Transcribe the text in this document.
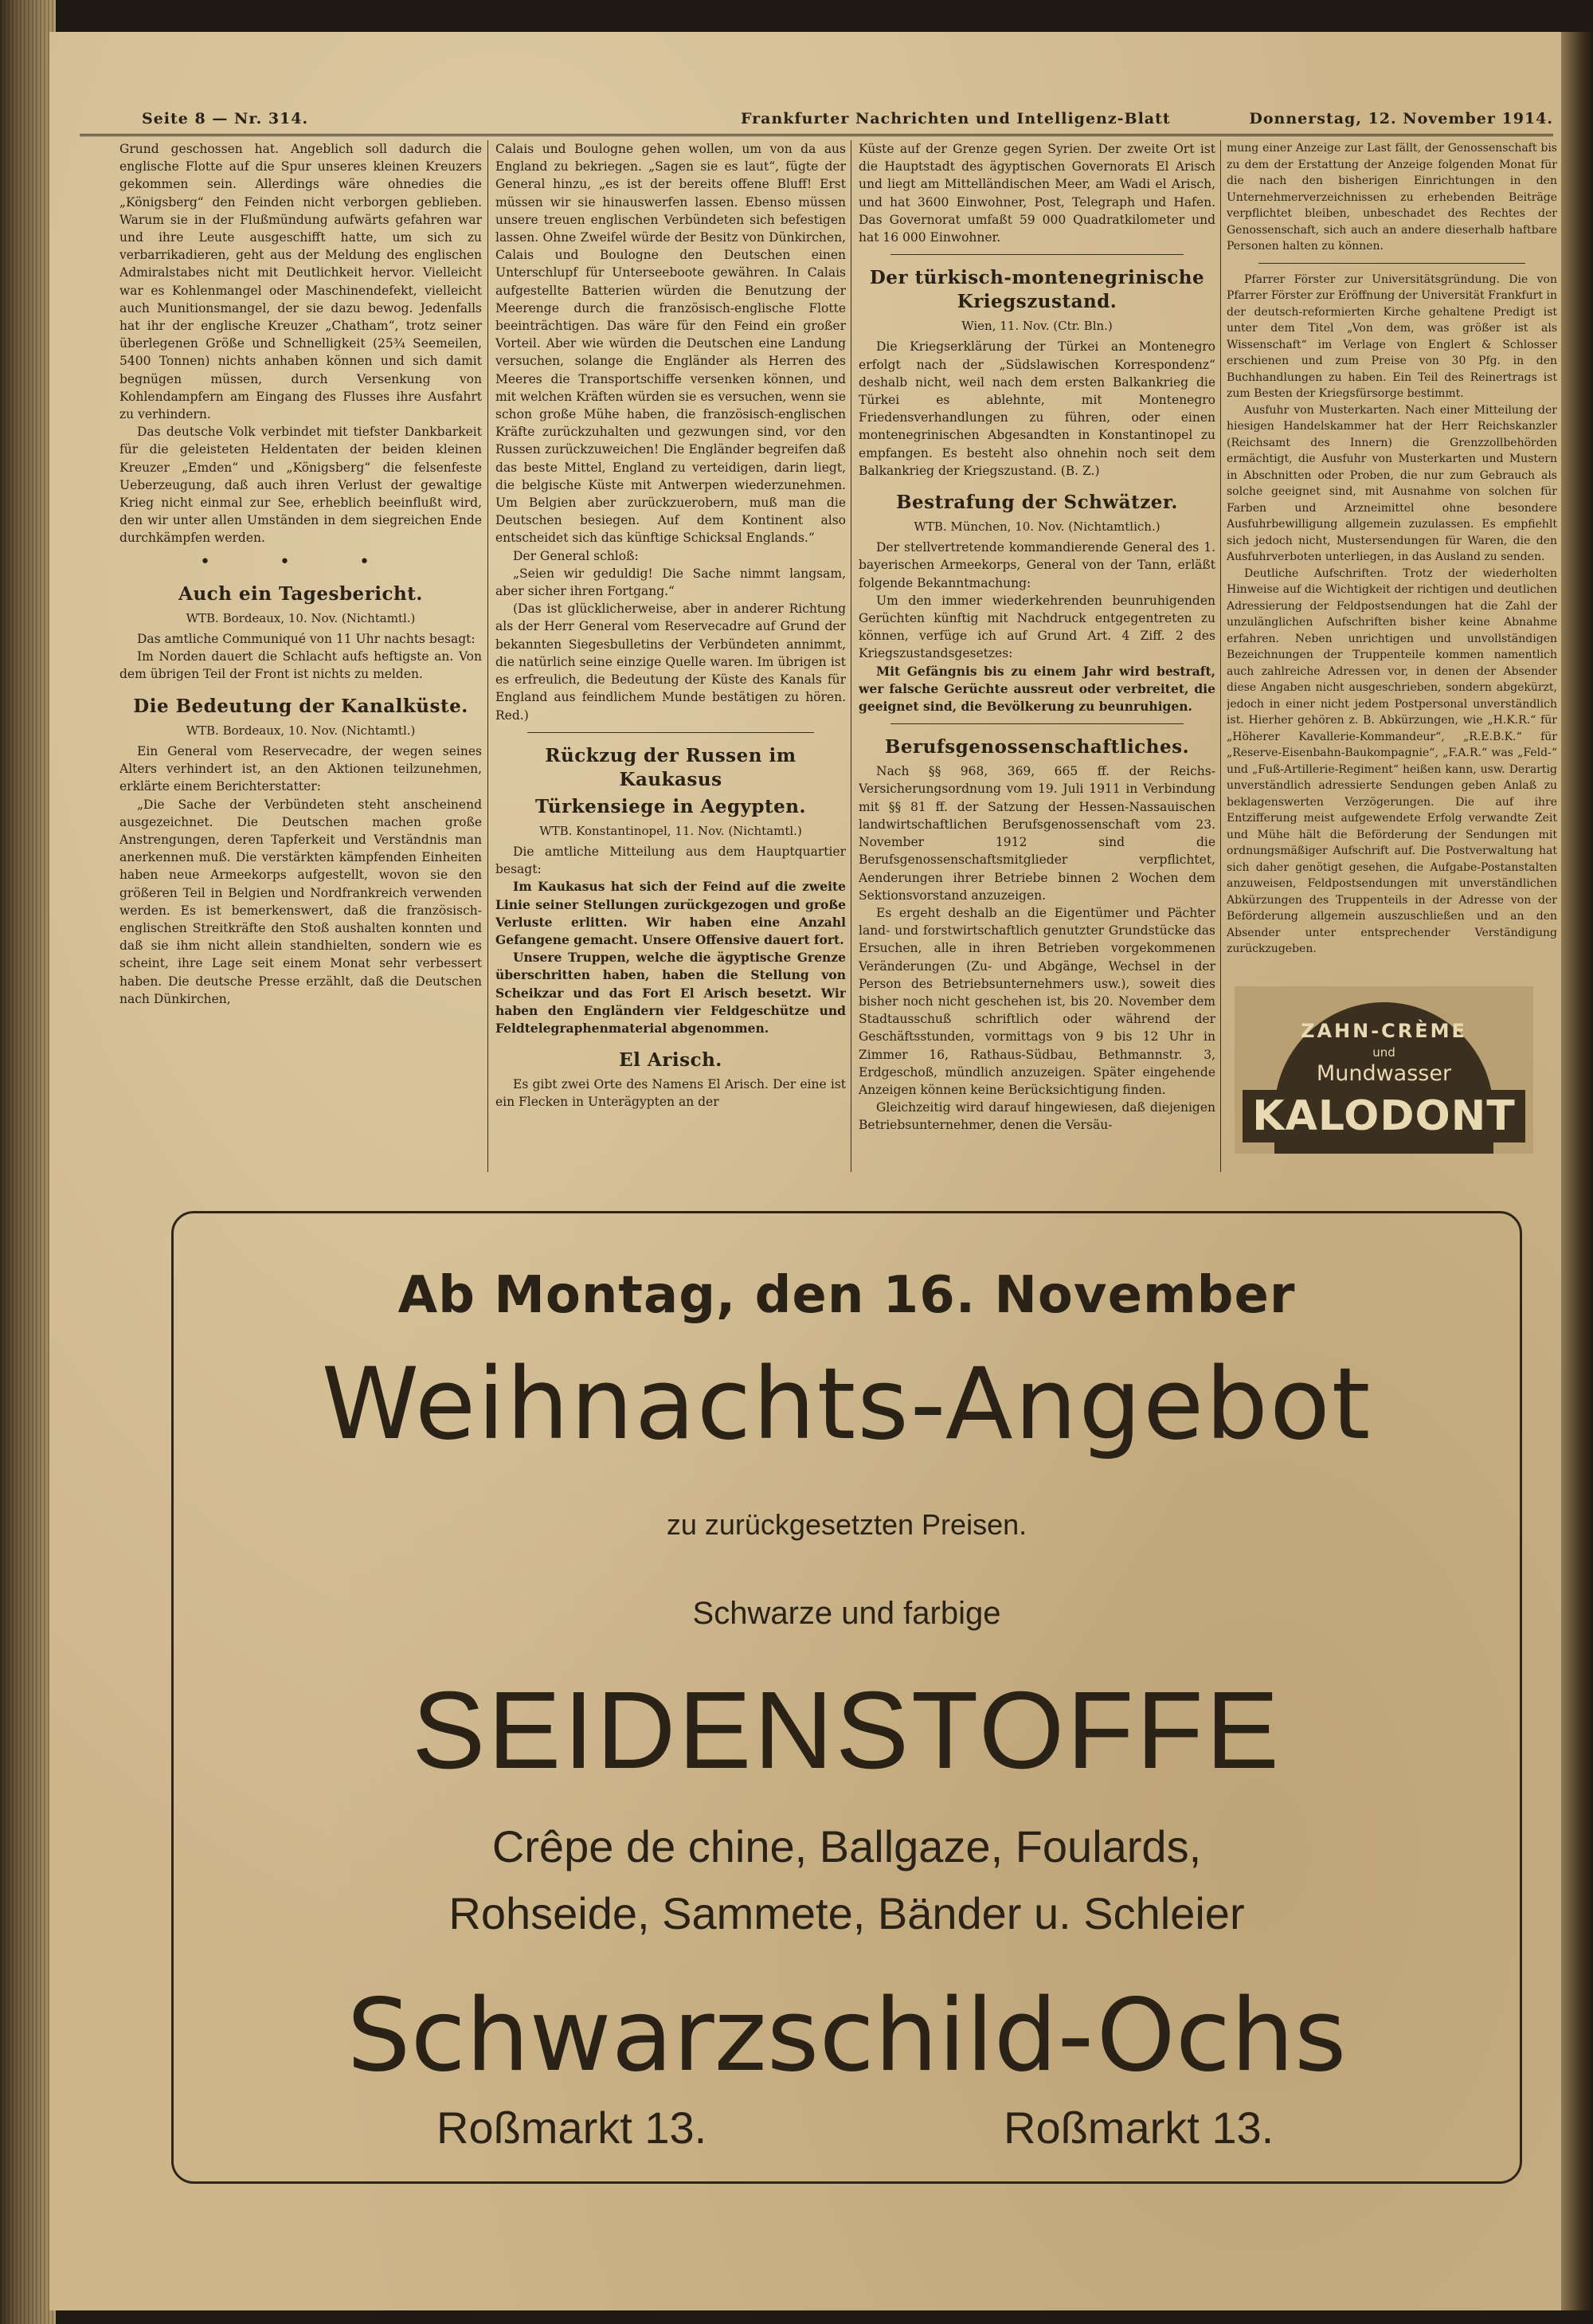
Seite 8 — Nr. 314.	Frankfurter Nachrichten und Intelligenz-Blatt	Donnerstag, 12. November 1914.

Grund geschossen hat. Angeblich soll dadurch die englische Flotte auf die Spur unseres kleinen Kreuzers gekommen sein. Allerdings wäre ohnedies die „Königsberg“ den Feinden nicht verborgen geblieben. Warum sie in der Flußmündung aufwärts gefahren war und ihre Leute ausgeschifft hatte, um sich zu verbarrikadieren, geht aus der Meldung des englischen Admiralstabes nicht mit Deutlichkeit hervor. Vielleicht war es Kohlenmangel oder Maschinendefekt, vielleicht auch Munitionsmangel, der sie dazu bewog. Jedenfalls hat ihr der englische Kreuzer „Chatham“, trotz seiner überlegenen Größe und Schnelligkeit (25¾ Seemeilen, 5400 Tonnen) nichts anhaben können und sich damit begnügen müssen, durch Versenkung von Kohlendampfern am Eingang des Flusses ihre Ausfahrt zu verhindern.

Das deutsche Volk verbindet mit tiefster Dankbarkeit für die geleisteten Heldentaten der beiden kleinen Kreuzer „Emden“ und „Königsberg“ die felsenfeste Ueberzeugung, daß auch ihren Verlust der gewaltige Krieg nicht einmal zur See, erheblich beeinflußt wird, den wir unter allen Umständen in dem siegreichen Ende durchkämpfen werden.

• • •
Auch ein Tagesbericht.
WTB. Bordeaux, 10. Nov. (Nichtamtl.)

Das amtliche Communiqué von 11 Uhr nachts besagt:

Im Norden dauert die Schlacht aufs heftigste an. Von dem übrigen Teil der Front ist nichts zu melden.

Die Bedeutung der Kanalküste.
WTB. Bordeaux, 10. Nov. (Nichtamtl.)

Ein General vom Reservecadre, der wegen seines Alters verhindert ist, an den Aktionen teilzunehmen, erklärte einem Berichterstatter:

„Die Sache der Verbündeten steht anscheinend ausgezeichnet. Die Deutschen machen große Anstrengungen, deren Tapferkeit und Verständnis man anerkennen muß. Die verstärkten kämpfenden Einheiten haben neue Armeekorps aufgestellt, wovon sie den größeren Teil in Belgien und Nordfrankreich verwenden werden. Es ist bemerkenswert, daß die französisch-englischen Streitkräfte den Stoß aushalten konnten und daß sie ihm nicht allein standhielten, sondern wie es scheint, ihre Lage seit einem Monat sehr verbessert haben. Die deutsche Presse erzählt, daß die Deutschen nach Dünkirchen,

Calais und Boulogne gehen wollen, um von da aus England zu bekriegen. „Sagen sie es laut“, fügte der General hinzu, „es ist der bereits offene Bluff! Erst müssen wir sie hinauswerfen lassen. Ebenso müssen unsere treuen englischen Verbündeten sich befestigen lassen. Ohne Zweifel würde der Besitz von Dünkirchen, Calais und Boulogne den Deutschen einen Unterschlupf für Unterseeboote gewähren. In Calais aufgestellte Batterien würden die Benutzung der Meerenge durch die französisch-englische Flotte beeinträchtigen. Das wäre für den Feind ein großer Vorteil. Aber wie würden die Deutschen eine Landung versuchen, solange die Engländer als Herren des Meeres die Transportschiffe versenken können, und mit welchen Kräften würden sie es versuchen, wenn sie schon große Mühe haben, die französisch-englischen Kräfte zurückzuhalten und gezwungen sind, vor den Russen zurückzuweichen! Die Engländer begreifen daß das beste Mittel, England zu verteidigen, darin liegt, die belgische Küste mit Antwerpen wiederzunehmen. Um Belgien aber zurückzuerobern, muß man die Deutschen besiegen. Auf dem Kontinent also entscheidet sich das künftige Schicksal Englands.“

Der General schloß:

„Seien wir geduldig! Die Sache nimmt langsam, aber sicher ihren Fortgang.“

(Das ist glücklicherweise, aber in anderer Richtung als der Herr General vom Reservecadre auf Grund der bekannten Siegesbulletins der Verbündeten annimmt, die natürlich seine einzige Quelle waren. Im übrigen ist es erfreulich, die Bedeutung der Küste des Kanals für England aus feindlichem Munde bestätigen zu hören. Red.)

Rückzug der Russen im Kaukasus
Türkensiege in Aegypten.
WTB. Konstantinopel, 11. Nov. (Nichtamtl.)

Die amtliche Mitteilung aus dem Hauptquartier besagt:

Im Kaukasus hat sich der Feind auf die zweite Linie seiner Stellungen zurückgezogen und große Verluste erlitten. Wir haben eine Anzahl Gefangene gemacht. Unsere Offensive dauert fort.

Unsere Truppen, welche die ägyptische Grenze überschritten haben, haben die Stellung von Scheikzar und das Fort El Arisch besetzt. Wir haben den Engländern vier Feldgeschütze und Feldtelegraphenmaterial abgenommen.

El Arisch.

Es gibt zwei Orte des Namens El Arisch. Der eine ist ein Flecken in Unterägypten an der

Küste auf der Grenze gegen Syrien. Der zweite Ort ist die Hauptstadt des ägyptischen Governorats El Arisch und liegt am Mittelländischen Meer, am Wadi el Arisch, und hat 3600 Einwohner, Post, Telegraph und Hafen. Das Governorat umfaßt 59 000 Quadratkilometer und hat 16 000 Einwohner.

Der türkisch-montenegrinische Kriegszustand.
Wien, 11. Nov. (Ctr. Bln.)

Die Kriegserklärung der Türkei an Montenegro erfolgt nach der „Südslawischen Korrespondenz“ deshalb nicht, weil nach dem ersten Balkankrieg die Türkei es ablehnte, mit Montenegro Friedensverhandlungen zu führen, oder einen montenegrinischen Abgesandten in Konstantinopel zu empfangen. Es besteht also ohnehin noch seit dem Balkankrieg der Kriegszustand. (B. Z.)

Bestrafung der Schwätzer.
WTB. München, 10. Nov. (Nichtamtlich.)

Der stellvertretende kommandierende General des 1. bayerischen Armeekorps, General von der Tann, erläßt folgende Bekanntmachung:

Um den immer wiederkehrenden beunruhigenden Gerüchten künftig mit Nachdruck entgegentreten zu können, verfüge ich auf Grund Art. 4 Ziff. 2 des Kriegszustandsgesetzes:

Mit Gefängnis bis zu einem Jahr wird bestraft, wer falsche Gerüchte aussreut oder verbreitet, die geeignet sind, die Bevölkerung zu beunruhigen.

Berufsgenossenschaftliches.

Nach §§ 968, 369, 665 ff. der Reichs-Versicherungsordnung vom 19. Juli 1911 in Verbindung mit §§ 81 ff. der Satzung der Hessen-Nassauischen landwirtschaftlichen Berufsgenossenschaft vom 23. November 1912 sind die Berufsgenossenschaftsmitglieder verpflichtet, Aenderungen ihrer Betriebe binnen 2 Wochen dem Sektionsvorstand anzuzeigen.

Es ergeht deshalb an die Eigentümer und Pächter land- und forstwirtschaftlich genutzter Grundstücke das Ersuchen, alle in ihren Betrieben vorgekommenen Veränderungen (Zu- und Abgänge, Wechsel in der Person des Betriebsunternehmers usw.), soweit dies bisher noch nicht geschehen ist, bis 20. November dem Stadtausschuß schriftlich oder während der Geschäftsstunden, vormittags von 9 bis 12 Uhr in Zimmer 16, Rathaus-Südbau, Bethmannstr. 3, Erdgeschoß, mündlich anzuzeigen. Später eingehende Anzeigen können keine Berücksichtigung finden.

Gleichzeitig wird darauf hingewiesen, daß diejenigen Betriebsunternehmer, denen die Versäu-

mung einer Anzeige zur Last fällt, der Genossenschaft bis zu dem der Erstattung der Anzeige folgenden Monat für die nach den bisherigen Einrichtungen in den Unternehmerverzeichnissen zu erhebenden Beiträge verpflichtet bleiben, unbeschadet des Rechtes der Genossenschaft, sich auch an andere dieserhalb haftbare Personen halten zu können.

Pfarrer Förster zur Universitätsgründung. Die von Pfarrer Förster zur Eröffnung der Universität Frankfurt in der deutsch-reformierten Kirche gehaltene Predigt ist unter dem Titel „Von dem, was größer ist als Wissenschaft“ im Verlage von Englert & Schlosser erschienen und zum Preise von 30 Pfg. in den Buchhandlungen zu haben. Ein Teil des Reinertrags ist zum Besten der Kriegsfürsorge bestimmt.

Ausfuhr von Musterkarten. Nach einer Mitteilung der hiesigen Handelskammer hat der Herr Reichskanzler (Reichsamt des Innern) die Grenzzollbehörden ermächtigt, die Ausfuhr von Musterkarten und Mustern in Abschnitten oder Proben, die nur zum Gebrauch als solche geeignet sind, mit Ausnahme von solchen für Farben und Arzneimittel ohne besondere Ausfuhrbewilligung allgemein zuzulassen. Es empfiehlt sich jedoch nicht, Mustersendungen für Waren, die den Ausfuhrverboten unterliegen, in das Ausland zu senden.

Deutliche Aufschriften. Trotz der wiederholten Hinweise auf die Wichtigkeit der richtigen und deutlichen Adressierung der Feldpostsendungen hat die Zahl der unzulänglichen Aufschriften bisher keine Abnahme erfahren. Neben unrichtigen und unvollständigen Bezeichnungen der Truppenteile kommen namentlich auch zahlreiche Adressen vor, in denen der Absender diese Angaben nicht ausgeschrieben, sondern abgekürzt, jedoch in einer nicht jedem Postpersonal unverständlich ist. Hierher gehören z. B. Abkürzungen, wie „H.K.R.“ für „Höherer Kavallerie-Kommandeur“, „R.E.B.K.“ für „Reserve-Eisenbahn-Baukompagnie“, „F.A.R.“ was „Feld-“ und „Fuß-Artillerie-Regiment“ heißen kann, usw. Derartig unverständlich adressierte Sendungen geben Anlaß zu beklagenswerten Verzögerungen. Die auf ihre Entzifferung meist aufgewendete Erfolg verwandte Zeit und Mühe hält die Beförderung der Sendungen mit ordnungsmäßiger Aufschrift auf. Die Postverwaltung hat sich daher genötigt gesehen, die Aufgabe-Postanstalten anzuweisen, Feldpostsendungen mit unverständlichen Abkürzungen des Truppenteils in der Adresse von der Beförderung allgemein auszuschließen und an den Absender unter entsprechender Verständigung zurückzugeben.

ZAHN-CRÈME
und
Mundwasser
KALODONT
Ab Montag, den 16. November
Weihnachts-Angebot
zu zurückgesetzten Preisen.
Schwarze und farbige
SEIDENSTOFFE
Crêpe de chine, Ballgaze, Foulards,
Rohseide, Sammete, Bänder u. Schleier
Schwarzschild-Ochs
Roßmarkt 13.	Roßmarkt 13.
